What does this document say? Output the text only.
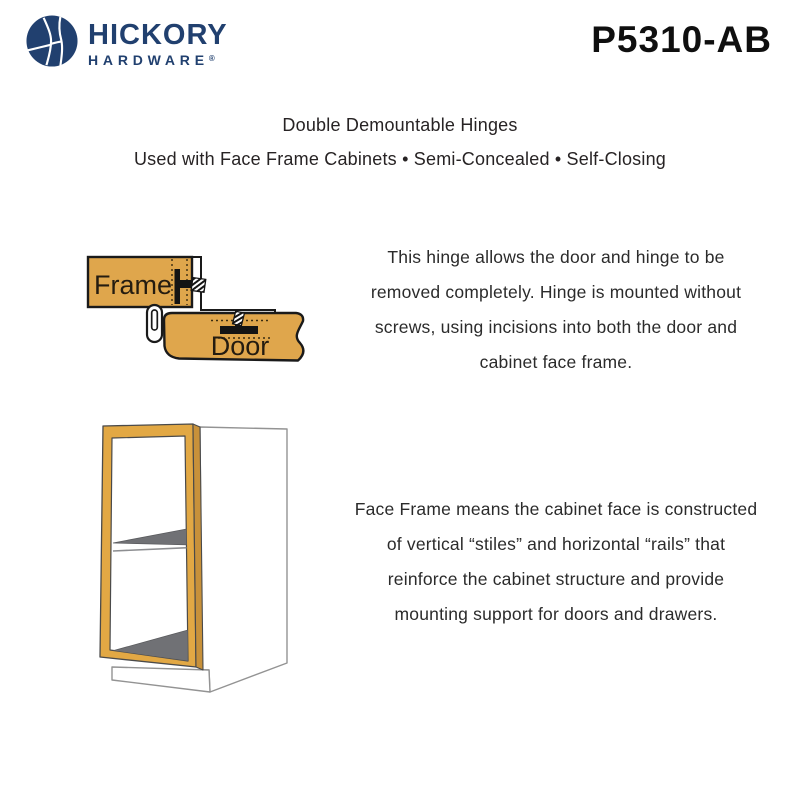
HICKORY
HARDWARE®	P5310-AB
Double Demountable Hinges
Used with Face Frame Cabinets • Semi-Concealed • Self-Closing
Frame
Door
This hinge allows the door and hinge to be
removed completely. Hinge is mounted without
screws, using incisions into both the door and
cabinet face frame.
Face Frame means the cabinet face is constructed
of vertical “stiles” and horizontal “rails” that
reinforce the cabinet structure and provide
mounting support for doors and drawers.
